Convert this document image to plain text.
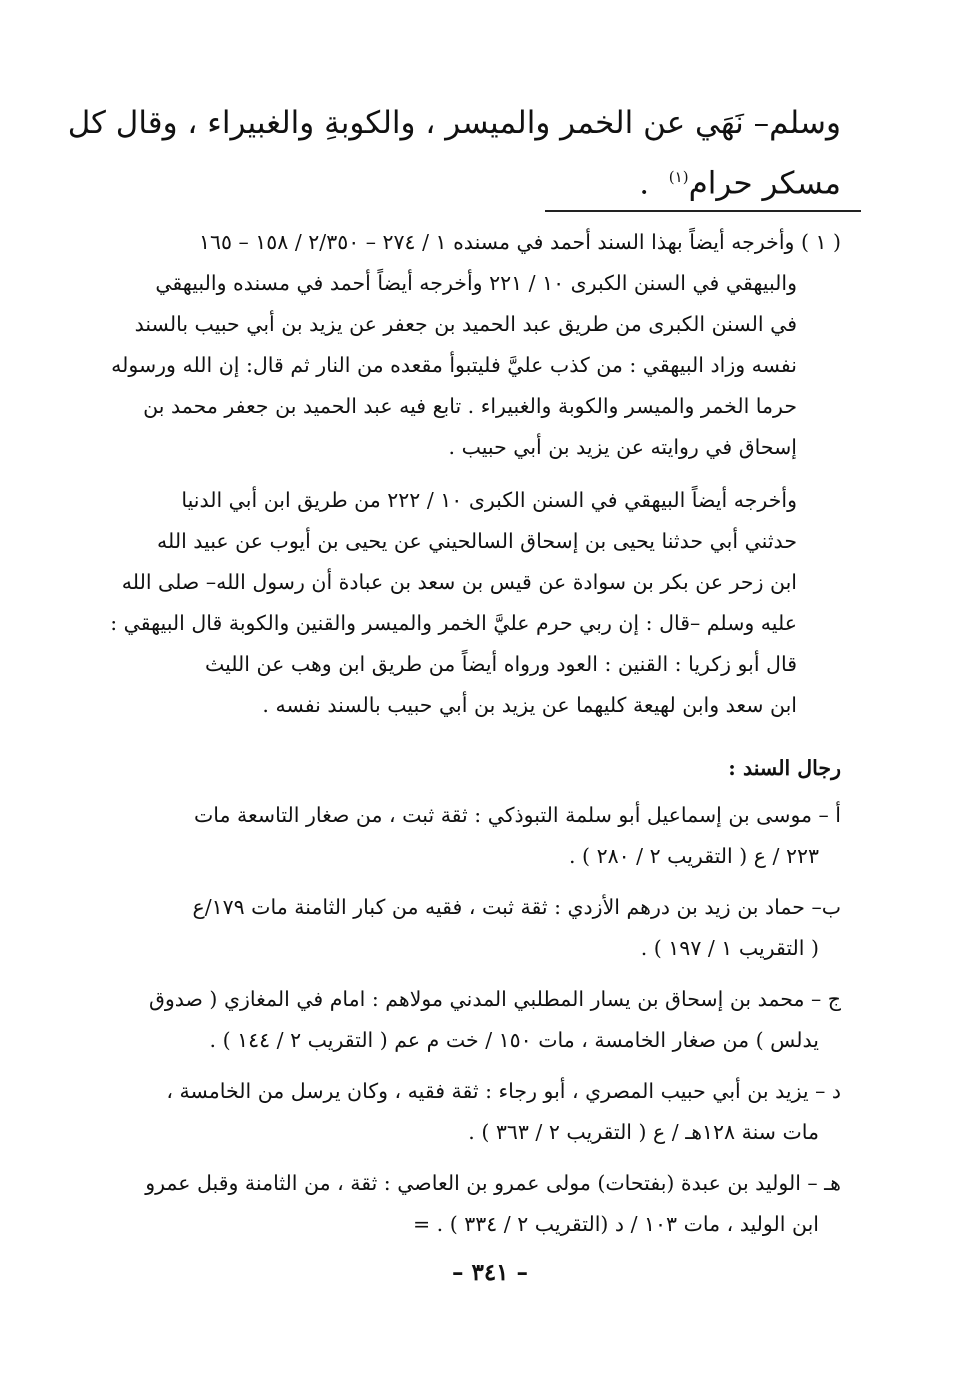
وسلم– نَهَي عن الخمر والميسر ، والكوبةِ والغبيراء ، وقال كل
مسكر حرام$^{(١)}$  .
( ١ ) وأخرجه أيضاً بهذا السند أحمد في مسنده ١ / ٢٧٤ – ٢/٣٥٠ / ١٥٨ – ١٦٥
والبيهقي في السنن الكبرى ١٠ / ٢٢١ وأخرجه أيضاً أحمد في مسنده والبيهقي
في السنن الكبرى من طريق عبد الحميد بن جعفر عن يزيد بن أبي حبيب بالسند
نفسه وزاد البيهقي : من كذب عليَّ فليتبوأ مقعده من النار ثم قال: إن الله ورسوله
حرما الخمر والميسر والكوبة والغبيراء . تابع فيه عبد الحميد بن جعفر محمد بن
إسحاق في روايته عن يزيد بن أبي حبيب .
وأخرجه أيضاً البيهقي في السنن الكبرى ١٠ / ٢٢٢ من طريق ابن أبي الدنيا
حدثني أبي حدثنا يحيى بن إسحاق السالحيني عن يحيى بن أيوب عن عبيد الله
ابن زحر عن بكر بن سوادة عن قيس بن سعد بن عبادة أن رسول الله– صلى الله
عليه وسلم –قال : إن ربي حرم عليَّ الخمر والميسر والقنين والكوبة قال البيهقي :
قال أبو زكريا : القنين : العود ورواه أيضاً من طريق ابن وهب عن الليث
ابن سعد وابن لهيعة كليهما عن يزيد بن أبي حبيب بالسند نفسه .
رجال السند :
أ – موسى بن إسماعيل أبو سلمة التبوذكي : ثقة ثبت ، من صغار التاسعة مات
٢٢٣ / ع ( التقريب ٢ / ٢٨٠ ) .
ب– حماد بن زيد بن درهم الأزدي : ثقة ثبت ، فقيه من كبار الثامنة مات ١٧٩/ع
( التقريب ١ / ١٩٧ ) .
ج – محمد بن إسحاق بن يسار المطلبي المدني مولاهم : امام في المغازي ( صدوق
يدلس ) من صغار الخامسة ، مات ١٥٠ / خت م عم ( التقريب ٢ / ١٤٤ ) .
د – يزيد بن أبي حبيب المصري ، أبو رجاء : ثقة فقيه ، وكان يرسل من الخامسة ،
مات سنة ١٢٨هـ / ع ( التقريب ٢ / ٣٦٣ ) .
هـ – الوليد بن عبدة (بفتحات) مولى عمرو بن العاصي : ثقة ، من الثامنة وقبل عمرو
ابن الوليد ، مات ١٠٣ / د (التقريب ٢ / ٣٣٤ ) . =
– ٣٤١ –
